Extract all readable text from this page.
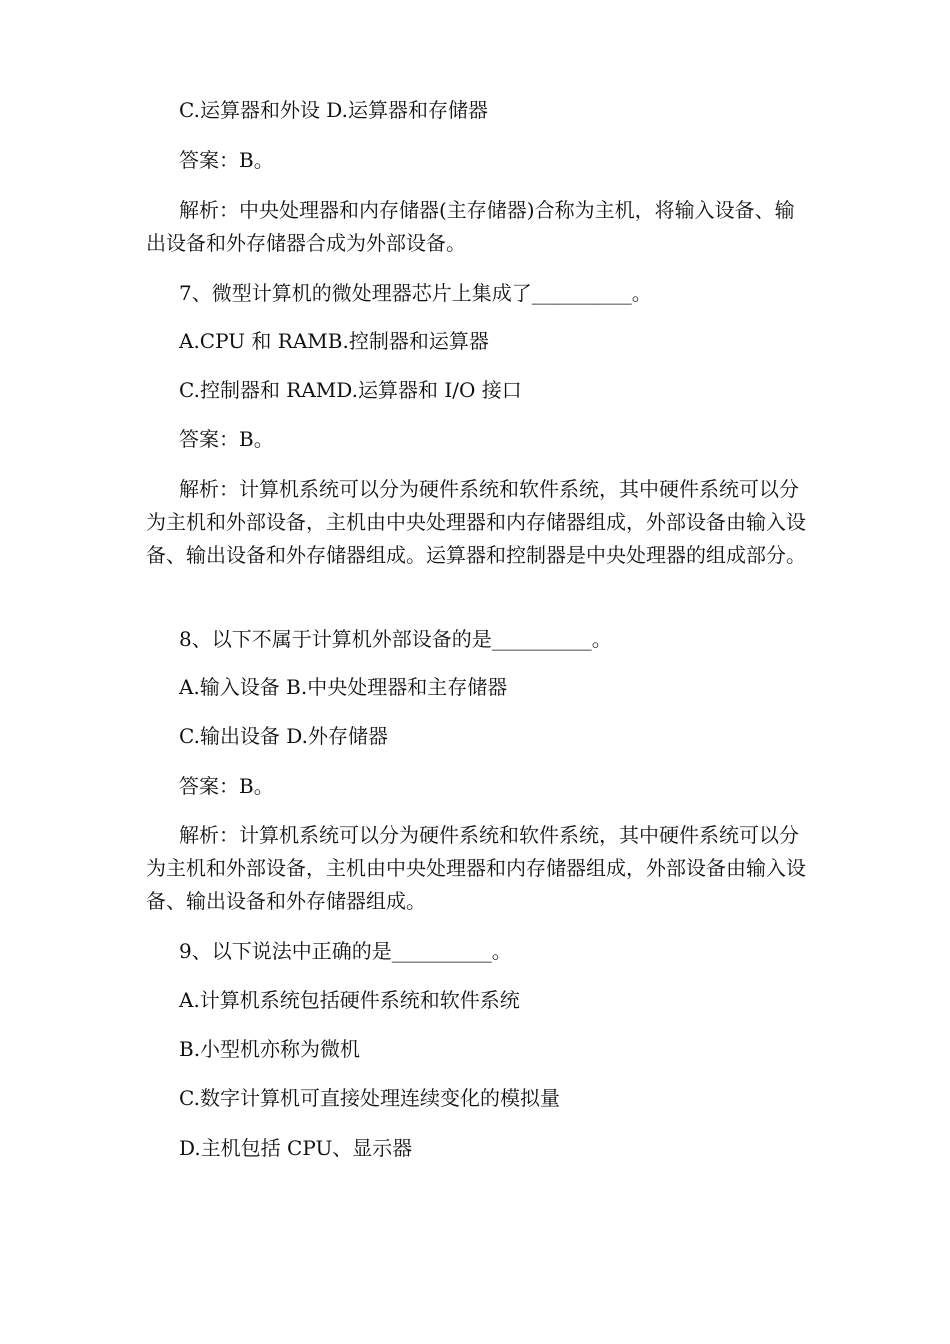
C.运算器和外设 D.运算器和存储器

答案：B。

解析：中央处理器和内存储器(主存储器)合称为主机，将输入设备、输出设备和外存储器合成为外部设备。

7、微型计算机的微处理器芯片上集成了__________。

A.CPU 和 RAMB.控制器和运算器

C.控制器和 RAMD.运算器和 I/O 接口

答案：B。

解析：计算机系统可以分为硬件系统和软件系统，其中硬件系统可以分为主机和外部设备，主机由中央处理器和内存储器组成，外部设备由输入设备、输出设备和外存储器组成。运算器和控制器是中央处理器的组成部分。

8、以下不属于计算机外部设备的是__________。

A.输入设备 B.中央处理器和主存储器

C.输出设备 D.外存储器

答案：B。

解析：计算机系统可以分为硬件系统和软件系统，其中硬件系统可以分为主机和外部设备，主机由中央处理器和内存储器组成，外部设备由输入设备、输出设备和外存储器组成。

9、以下说法中正确的是__________。

A.计算机系统包括硬件系统和软件系统

B.小型机亦称为微机

C.数字计算机可直接处理连续变化的模拟量

D.主机包括 CPU、显示器
